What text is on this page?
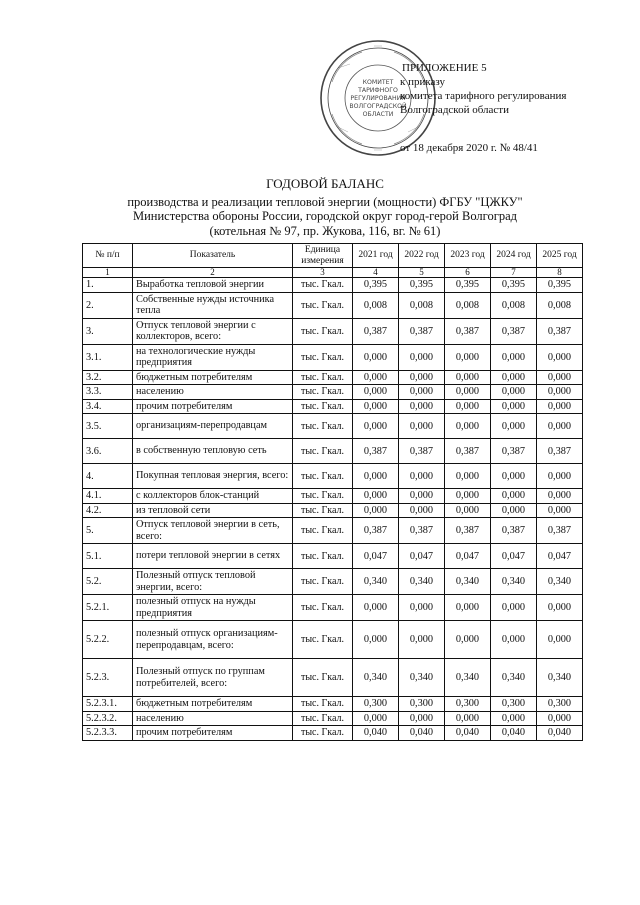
КОМИТЕТ
ТАРИФНОГО
РЕГУЛИРОВАНИЯ
ВОЛГОГРАДСКОЙ
ОБЛАСТИ
ПРИЛОЖЕНИЕ 5
к приказу
комитета тарифного регулирования
Волгоградской области
от 18 декабря 2020 г. № 48/41
ГОДОВОЙ БАЛАНС
производства и реализации тепловой энергии (мощности) ФГБУ "ЦЖКУ"
Министерства обороны России, городской округ город-герой Волгоград
(котельная № 97, пр. Жукова, 116, вг. № 61)
№ п/п	Показатель	Единица измерения	2021 год	2022 год	2023 год	2024 год	2025 год
1	2	3	4	5	6	7	8
1.	Выработка тепловой энергии	тыс. Гкал.	0,395	0,395	0,395	0,395	0,395
2.	Собственные нужды источника тепла	тыс. Гкал.	0,008	0,008	0,008	0,008	0,008
3.	Отпуск тепловой энергии с коллекторов, всего:	тыс. Гкал.	0,387	0,387	0,387	0,387	0,387
3.1.	на технологические нужды предприятия	тыс. Гкал.	0,000	0,000	0,000	0,000	0,000
3.2.	бюджетным потребителям	тыс. Гкал.	0,000	0,000	0,000	0,000	0,000
3.3.	населению	тыс. Гкал.	0,000	0,000	0,000	0,000	0,000
3.4.	прочим потребителям	тыс. Гкал.	0,000	0,000	0,000	0,000	0,000
3.5.	организациям-перепродавцам	тыс. Гкал.	0,000	0,000	0,000	0,000	0,000
3.6.	в собственную тепловую сеть	тыс. Гкал.	0,387	0,387	0,387	0,387	0,387
4.	Покупная тепловая энергия, всего:	тыс. Гкал.	0,000	0,000	0,000	0,000	0,000
4.1.	с коллекторов блок-станций	тыс. Гкал.	0,000	0,000	0,000	0,000	0,000
4.2.	из тепловой сети	тыс. Гкал.	0,000	0,000	0,000	0,000	0,000
5.	Отпуск тепловой энергии в сеть, всего:	тыс. Гкал.	0,387	0,387	0,387	0,387	0,387
5.1.	потери тепловой энергии в сетях	тыс. Гкал.	0,047	0,047	0,047	0,047	0,047
5.2.	Полезный отпуск тепловой энергии, всего:	тыс. Гкал.	0,340	0,340	0,340	0,340	0,340
5.2.1.	полезный отпуск на нужды предприятия	тыс. Гкал.	0,000	0,000	0,000	0,000	0,000
5.2.2.	полезный отпуск организациям-перепродавцам, всего:	тыс. Гкал.	0,000	0,000	0,000	0,000	0,000
5.2.3.	Полезный отпуск по группам потребителей, всего:	тыс. Гкал.	0,340	0,340	0,340	0,340	0,340
5.2.3.1.	бюджетным потребителям	тыс. Гкал.	0,300	0,300	0,300	0,300	0,300
5.2.3.2.	населению	тыс. Гкал.	0,000	0,000	0,000	0,000	0,000
5.2.3.3.	прочим потребителям	тыс. Гкал.	0,040	0,040	0,040	0,040	0,040
